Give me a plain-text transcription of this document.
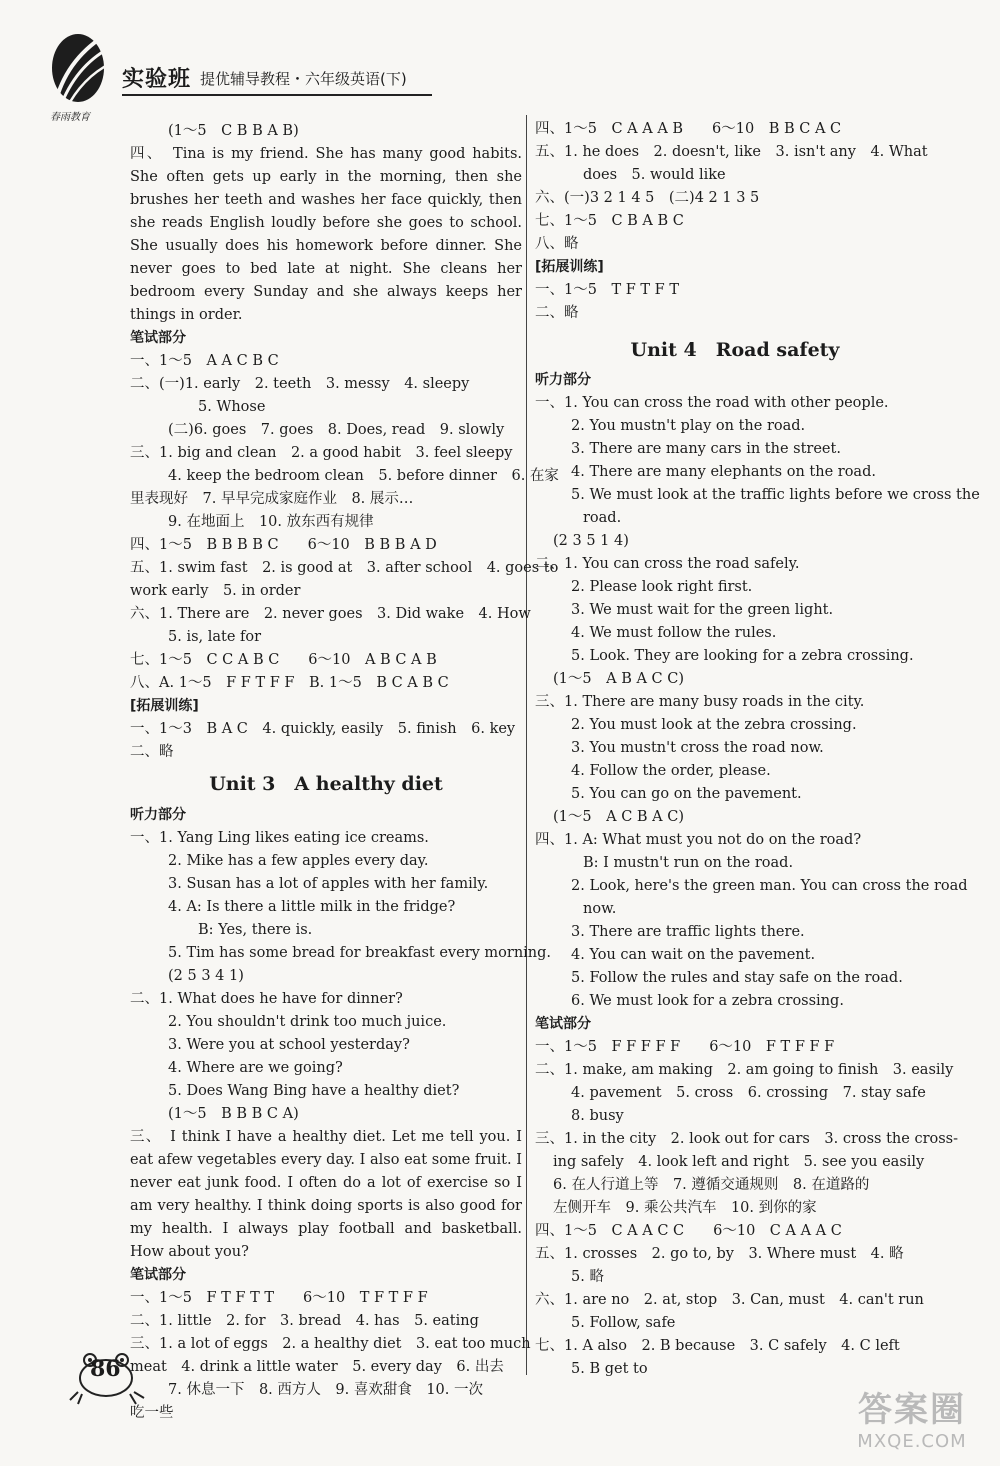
实验班 提优辅导教程・六年级英语(下)
春雨教育
(1～5　C B B A B)
四、　Tina is my friend. She has many good habits. She often gets up early in the morning, then she brushes her teeth and washes her face quickly, then she reads English loudly before she goes to school. She usually does his homework before dinner. She never goes to bed late at night. She cleans her bedroom every Sunday and she always keeps her things in order.
笔试部分
一、1～5　A A C B C
二、(一)1. early　2. teeth　3. messy　4. sleepy
5. Whose
(二)6. goes　7. goes　8. Does, read　9. slowly
三、1. big and clean　2. a good habit　3. feel sleepy
4. keep the bedroom clean　5. before dinner　6. 在家
里表现好　7. 早早完成家庭作业　8. 展示…
9. 在地面上　10. 放东西有规律
四、1～5　B B B B C　　6～10　B B B A D
五、1. swim fast　2. is good at　3. after school　4. goes to
work early　5. in order
六、1. There are　2. never goes　3. Did wake　4. How
5. is, late for
七、1～5　C C A B C　　6～10　A B C A B
八、A. 1～5　F F T F F　B. 1～5　B C A B C
[拓展训练]
一、1～3　B A C　4. quickly, easily　5. finish　6. key
二、略
Unit 3　A healthy diet
听力部分
一、1. Yang Ling likes eating ice creams.
2. Mike has a few apples every day.
3. Susan has a lot of apples with her family.
4. A: Is there a little milk in the fridge?
B: Yes, there is.
5. Tim has some bread for breakfast every morning.
(2 5 3 4 1)
二、1. What does he have for dinner?
2. You shouldn't drink too much juice.
3. Were you at school yesterday?
4. Where are we going?
5. Does Wang Bing have a healthy diet?
(1～5　B B B C A)
三、　I think I have a healthy diet. Let me tell you. I eat afew vegetables every day. I also eat some fruit. I never eat junk food. I often do a lot of exercise so I am very healthy. I think doing sports is also good for my health. I always play football and basketball. How about you?
笔试部分
一、1～5　F T F T T　　6～10　T F T F F
二、1. little　2. for　3. bread　4. has　5. eating
三、1. a lot of eggs　2. a healthy diet　3. eat too much
meat　4. drink a little water　5. every day　6. 出去
7. 休息一下　8. 西方人　9. 喜欢甜食　10. 一次
吃一些
四、1～5　C A A A B　　6～10　B B C A C
五、1. he does　2. doesn't, like　3. isn't any　4. What
does　5. would like
六、(一)3 2 1 4 5　(二)4 2 1 3 5
七、1～5　C B A B C
八、略
[拓展训练]
一、1～5　T F T F T
二、略
Unit 4　Road safety
听力部分
一、1. You can cross the road with other people.
2. You mustn't play on the road.
3. There are many cars in the street.
4. There are many elephants on the road.
5. We must look at the traffic lights before we cross the
road.
(2 3 5 1 4)
二、1. You can cross the road safely.
2. Please look right first.
3. We must wait for the green light.
4. We must follow the rules.
5. Look. They are looking for a zebra crossing.
(1～5　A B A C C)
三、1. There are many busy roads in the city.
2. You must look at the zebra crossing.
3. You mustn't cross the road now.
4. Follow the order, please.
5. You can go on the pavement.
(1～5　A C B A C)
四、1. A: What must you not do on the road?
B: I mustn't run on the road.
2. Look, here's the green man. You can cross the road
now.
3. There are traffic lights there.
4. You can wait on the pavement.
5. Follow the rules and stay safe on the road.
6. We must look for a zebra crossing.
笔试部分
一、1～5　F F F F F　　6～10　F T F F F
二、1. make, am making　2. am going to finish　3. easily
4. pavement　5. cross　6. crossing　7. stay safe
8. busy
三、1. in the city　2. look out for cars　3. cross the cross-
ing safely　4. look left and right　5. see you easily
6. 在人行道上等　7. 遵循交通规则　8. 在道路的
左侧开车　9. 乘公共汽车　10. 到你的家
四、1～5　C A A C C　　6～10　C A A A C
五、1. crosses　2. go to, by　3. Where must　4. 略
5. 略
六、1. are no　2. at, stop　3. Can, must　4. can't run
5. Follow, safe
七、1. A also　2. B because　3. C safely　4. C left
5. B get to
86
答案圈
MXQE.COM
